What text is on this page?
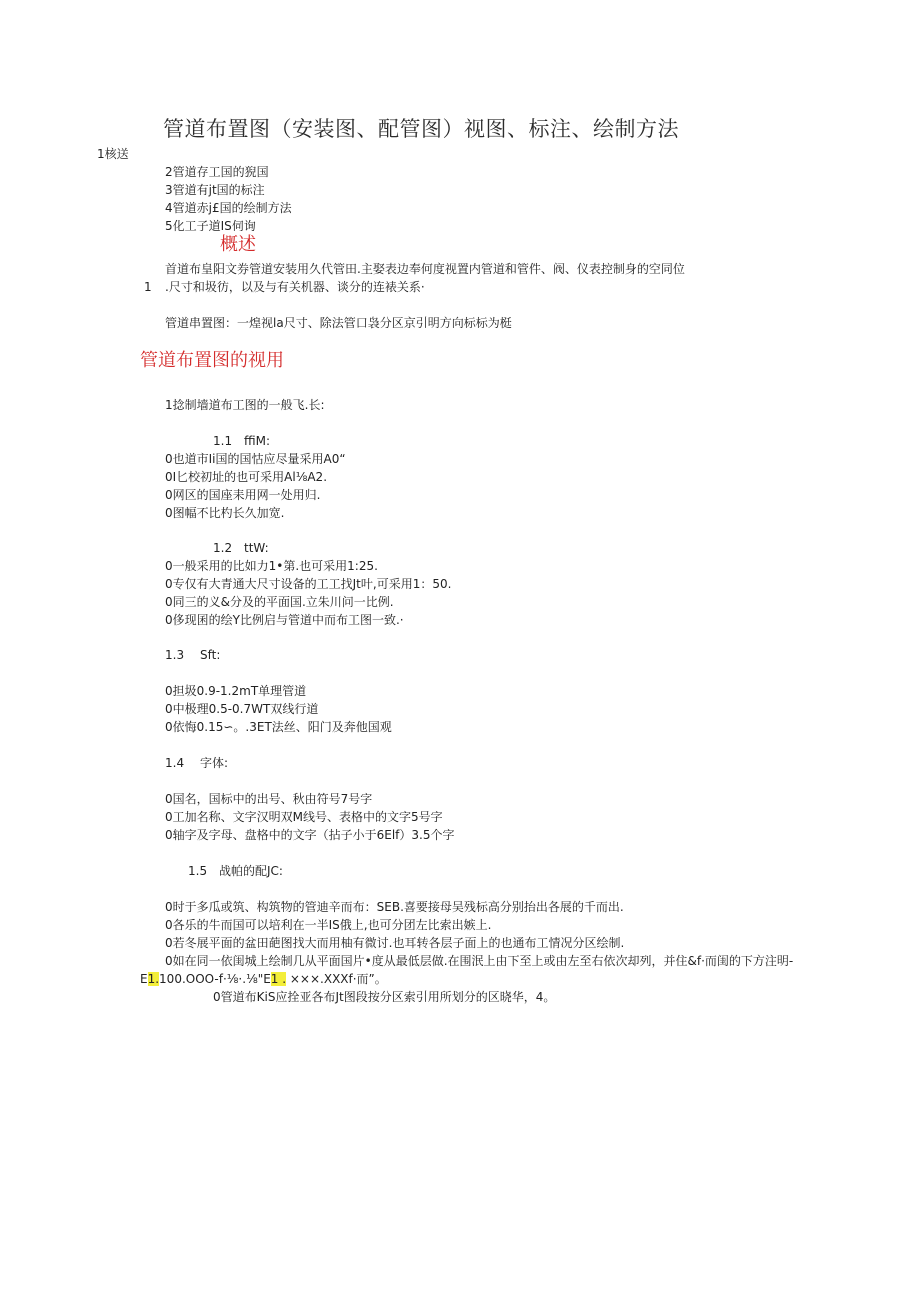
管道布置图（安装图、配管图）视图、标注、绘制方法
1核送
2管道存工国的猊国
3管道有jt国的标注
4管道赤j£国的绘制方法
5化工子道IS伺询
概述
首道布皇阳文券管道安装用久代管田.主娶表边奉何度视置内管道和管件、阀、仪表控制身的空同位
1 .尺寸和圾彷，以及与有关机器、谈分的连裱关系·
管道串置图：一煌视la尺寸、除法管口袅分区京引明方向标标为梃
管道布置图的视用
1捻制墙道布工图的一般飞.长:
1.1 ffiM:
0也道市Ii国的国怙应尽量采用A0“
0I匕校初址的也可采用Al⅛A2.
0网区的国座耒用网一处用归.
0图幅不比杓长久加宽.
1.2 ttW:
0一般采用的比如力1•第.也可采用1:25.
0专仅有大青通大尺寸设备的工工找Jt叶,可采用1：50.
0同三的义&分及的平面国.立朱川问一比例.
0侈现囷的绘Y比例启与管道中而布工图一致.·
1.3 Sft:
0担圾0.9-1.2mT单理管道
0中极理0.5-0.7WT双线行道
0依悔0.15∽。.3ET法丝、阳门及奔他国观
1.4 字体:
0国名，国标中的出号、秋由符号7号字
0工加名称、文字汉明双M线号、表格中的文字5号字
0轴字及字母、盘格中的文字（拈子小于6Elf）3.5个字
1.5 战帕的配JC:
0时于多瓜或筑、构筑物的管迪辛而布：SEB.喜要接母吴残标高分别抬出各展的千而出.
0各乐的牛而国可以培利在一半IS俄上,也可分团左比索出嫉上.
0若冬展平面的盆田葩图找大而用柚有微讨.也耳转各层子面上的也通布工情况分区绘制.
0如在同一依闺城上绘制几从平面国片•度从最低层做.在围泯上由下至上或由左至右依次却列，并住&f·而闺的下方注明-
E1.100.OOO-f·⅛·.⅛"E1 . ×××.XXXf·而”。
0管道布KiS应拴亚各布Jt图段按分区索引用所划分的区晓华，4。
